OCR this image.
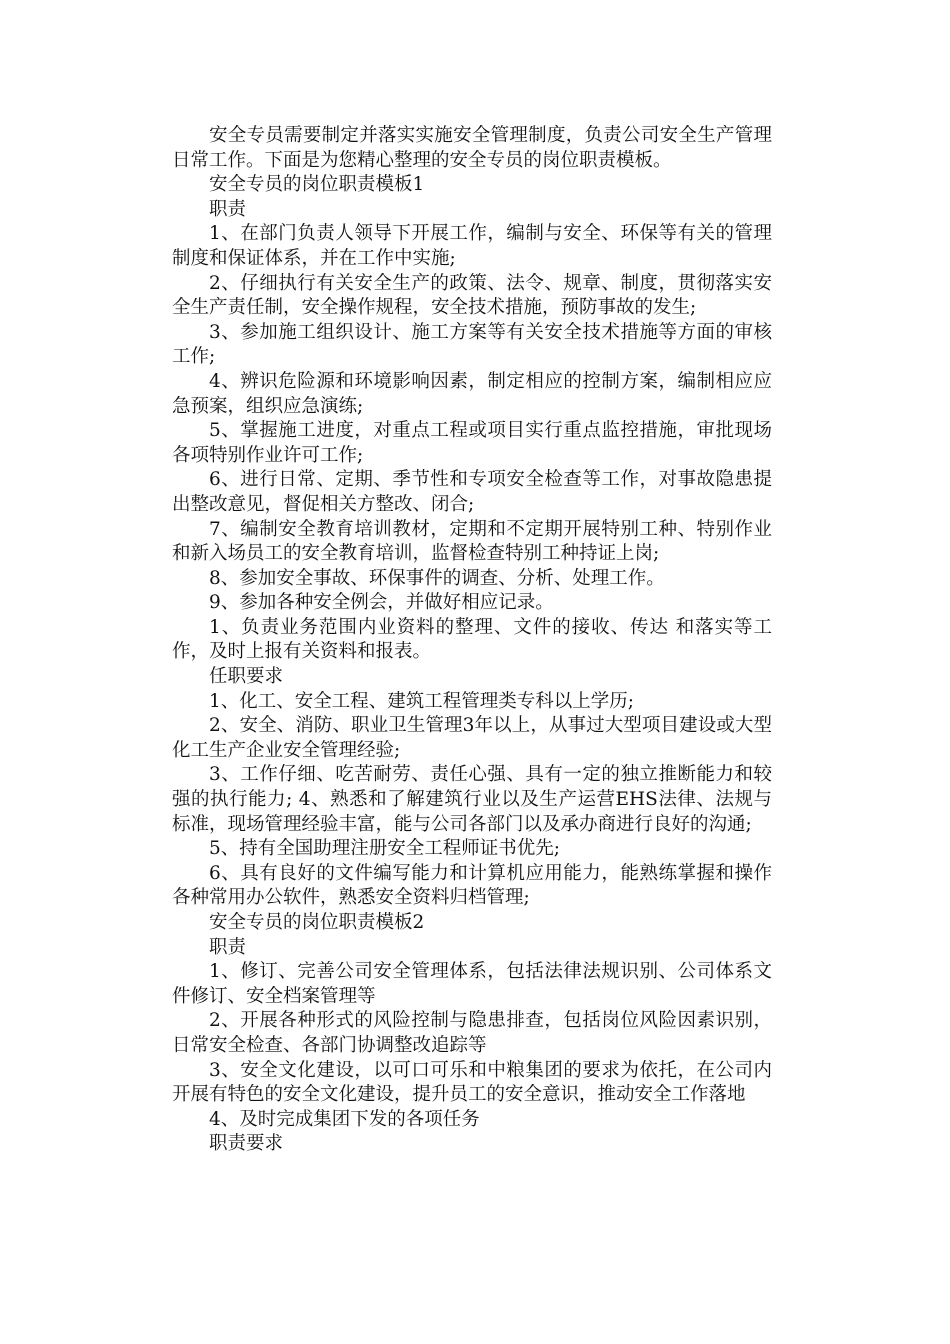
安全专员需要制定并落实实施安全管理制度，负责公司安全生产管理日常工作。下面是为您精心整理的安全专员的岗位职责模板。

安全专员的岗位职责模板1

职责

1、在部门负责人领导下开展工作，编制与安全、环保等有关的管理制度和保证体系，并在工作中实施;

2、仔细执行有关安全生产的政策、法令、规章、制度，贯彻落实安全生产责任制，安全操作规程，安全技术措施，预防事故的发生;

3、参加施工组织设计、施工方案等有关安全技术措施等方面的审核工作;

4、辨识危险源和环境影响因素，制定相应的控制方案，编制相应应急预案，组织应急演练;

5、掌握施工进度，对重点工程或项目实行重点监控措施，审批现场各项特别作业许可工作;

6、进行日常、定期、季节性和专项安全检查等工作，对事故隐患提出整改意见，督促相关方整改、闭合;

7、编制安全教育培训教材，定期和不定期开展特别工种、特别作业和新入场员工的安全教育培训，监督检查特别工种持证上岗;

8、参加安全事故、环保事件的调查、分析、处理工作。

9、参加各种安全例会，并做好相应记录。

1、负责业务范围内业资料的整理、文件的接收、传达 和落实等工作，及时上报有关资料和报表。

任职要求

1、化工、安全工程、建筑工程管理类专科以上学历;

2、安全、消防、职业卫生管理3年以上，从事过大型项目建设或大型化工生产企业安全管理经验;

3、工作仔细、吃苦耐劳、责任心强、具有一定的独立推断能力和较强的执行能力; 4、熟悉和了解建筑行业以及生产运营EHS法律、法规与标准，现场管理经验丰富，能与公司各部门以及承办商进行良好的沟通;

5、持有全国助理注册安全工程师证书优先;

6、具有良好的文件编写能力和计算机应用能力，能熟练掌握和操作各种常用办公软件，熟悉安全资料归档管理;

安全专员的岗位职责模板2

职责

1、修订、完善公司安全管理体系，包括法律法规识别、公司体系文件修订、安全档案管理等

2、开展各种形式的风险控制与隐患排查，包括岗位风险因素识别，日常安全检查、各部门协调整改追踪等

3、安全文化建设，以可口可乐和中粮集团的要求为依托，在公司内开展有特色的安全文化建设，提升员工的安全意识，推动安全工作落地

4、及时完成集团下发的各项任务

职责要求
